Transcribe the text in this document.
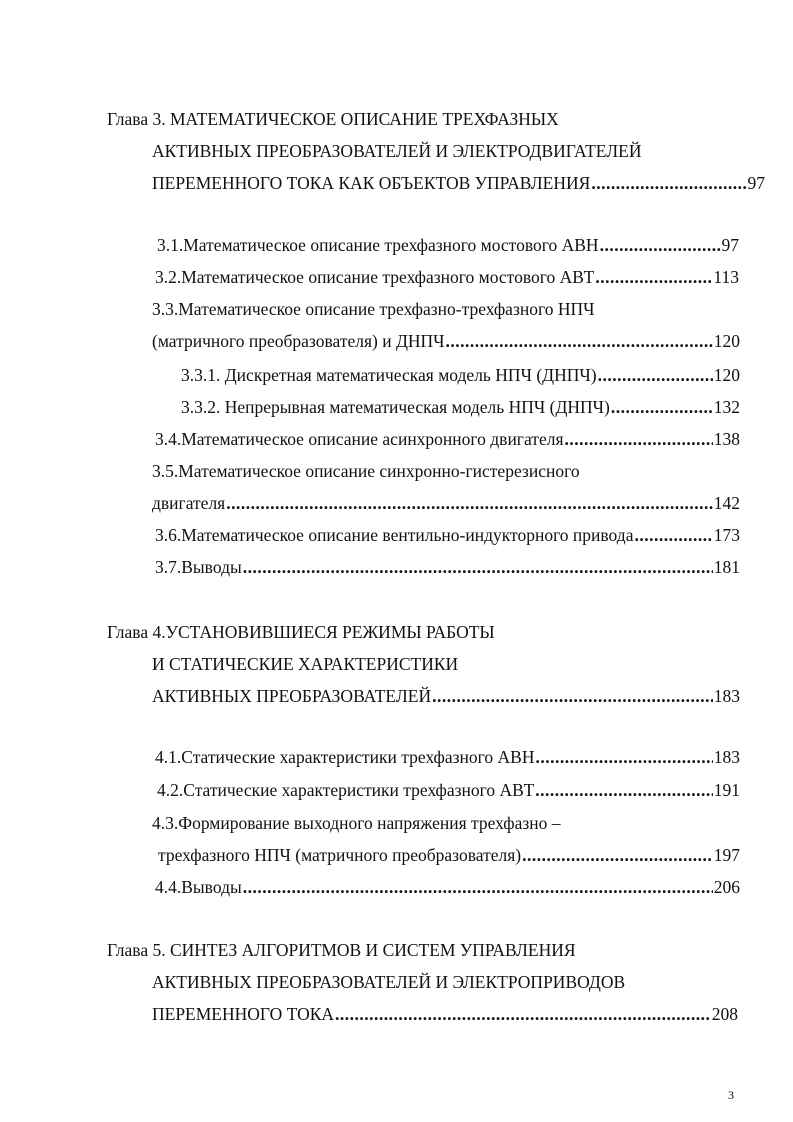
Глава 3. МАТЕМАТИЧЕСКОЕ ОПИСАНИЕ ТРЕХФАЗНЫХ
АКТИВНЫХ ПРЕОБРАЗОВАТЕЛЕЙ И ЭЛЕКТРОДВИГАТЕЛЕЙ
ПЕРЕМЕННОГО ТОКА КАК ОБЪЕКТОВ УПРАВЛЕНИЯ .....	97
3.1.Математическое описание трехфазного мостового АВН .....	97
3.2.Математическое описание трехфазного мостового АВТ .....	113
3.3.Математическое описание трехфазно-трехфазного НПЧ
(матричного преобразователя) и ДНПЧ .....	120
3.3.1. Дискретная математическая модель НПЧ (ДНПЧ) .....	120
3.3.2. Непрерывная математическая модель НПЧ (ДНПЧ) .....	132
3.4.Математическое описание асинхронного двигателя .....	138
3.5.Математическое описание синхронно-гистерезисного
двигателя .....	142
3.6.Математическое описание вентильно-индукторного привода .....	173
3.7.Выводы .....	181
Глава 4.УСТАНОВИВШИЕСЯ РЕЖИМЫ РАБОТЫ
И СТАТИЧЕСКИЕ ХАРАКТЕРИСТИКИ
АКТИВНЫХ ПРЕОБРАЗОВАТЕЛЕЙ .....	183
4.1.Статические характеристики трехфазного АВН .....	183
4.2.Статические характеристики трехфазного АВТ .....	191
4.3.Формирование выходного напряжения трехфазно –
трехфазного НПЧ (матричного преобразователя) .....	197
4.4.Выводы .....	206
Глава 5. СИНТЕЗ АЛГОРИТМОВ И СИСТЕМ УПРАВЛЕНИЯ
АКТИВНЫХ ПРЕОБРАЗОВАТЕЛЕЙ И ЭЛЕКТРОПРИВОДОВ
ПЕРЕМЕННОГО ТОКА .....	208
3
